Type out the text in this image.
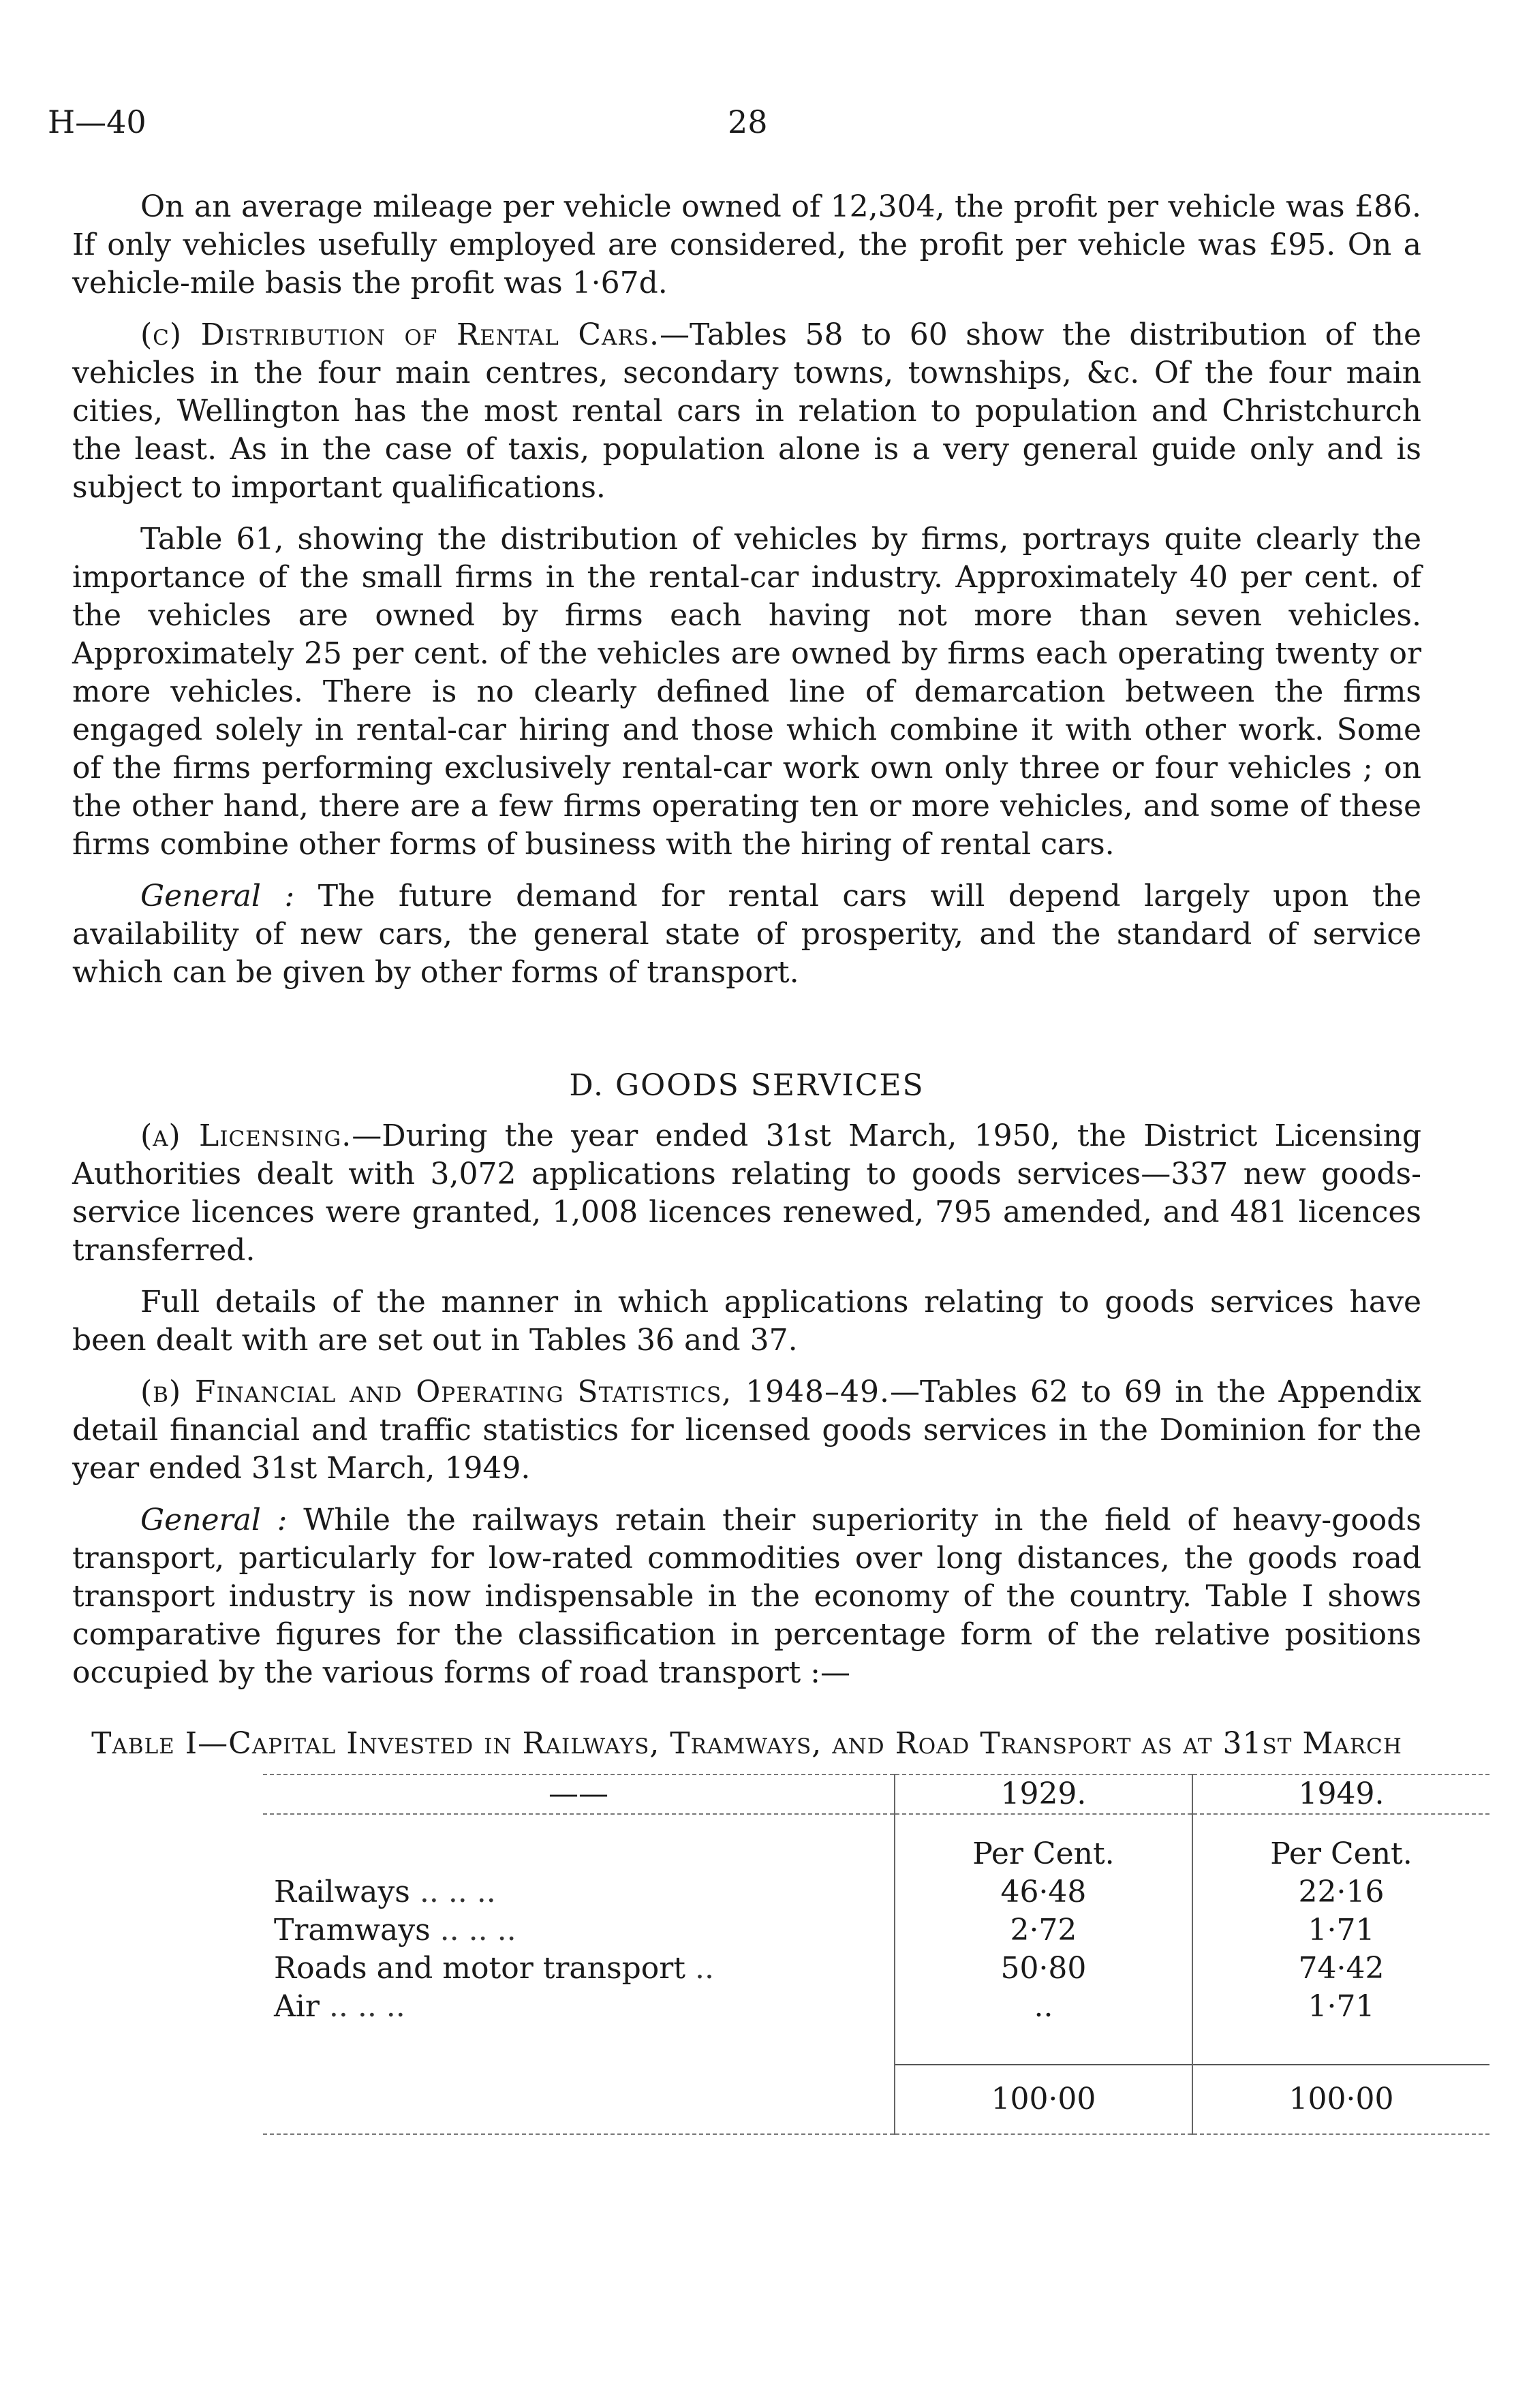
H—40	28

On an average mileage per vehicle owned of 12,304, the profit per vehicle was £86. If only vehicles usefully employed are considered, the profit per vehicle was £95. On a vehicle-mile basis the profit was 1·67d.

(c) Distribution of Rental Cars.—Tables 58 to 60 show the distribution of the vehicles in the four main centres, secondary towns, townships, &c. Of the four main cities, Wellington has the most rental cars in relation to population and Christchurch the least. As in the case of taxis, population alone is a very general guide only and is subject to important qualifications.

Table 61, showing the distribution of vehicles by firms, portrays quite clearly the importance of the small firms in the rental-car industry. Approximately 40 per cent. of the vehicles are owned by firms each having not more than seven vehicles. Approximately 25 per cent. of the vehicles are owned by firms each operating twenty or more vehicles. There is no clearly defined line of demarcation between the firms engaged solely in rental-car hiring and those which combine it with other work. Some of the firms performing exclusively rental-car work own only three or four vehicles ; on the other hand, there are a few firms operating ten or more vehicles, and some of these firms combine other forms of business with the hiring of rental cars.

General : The future demand for rental cars will depend largely upon the availability of new cars, the general state of prosperity, and the standard of service which can be given by other forms of transport.

D. GOODS SERVICES

(a) Licensing.—During the year ended 31st March, 1950, the District Licensing Authorities dealt with 3,072 applications relating to goods services—337 new goods-service licences were granted, 1,008 licences renewed, 795 amended, and 481 licences transferred.

Full details of the manner in which applications relating to goods services have been dealt with are set out in Tables 36 and 37.

(b) Financial and Operating Statistics, 1948–49.—Tables 62 to 69 in the Appendix detail financial and traffic statistics for licensed goods services in the Dominion for the year ended 31st March, 1949.

General : While the railways retain their superiority in the field of heavy-goods transport, particularly for low-rated commodities over long distances, the goods road transport industry is now indispensable in the economy of the country. Table I shows comparative figures for the classification in percentage form of the relative positions occupied by the various forms of road transport :—

Table I—Capital Invested in Railways, Tramways, and Road Transport as at 31st March

——	1929.	1949.
	Per Cent.	Per Cent.
Railways .. .. ..	46·48	22·16
Tramways .. .. ..	2·72	1·71
Roads and motor transport ..	50·80	74·42
Air .. .. ..	..	1·71

	100·00	100·00
